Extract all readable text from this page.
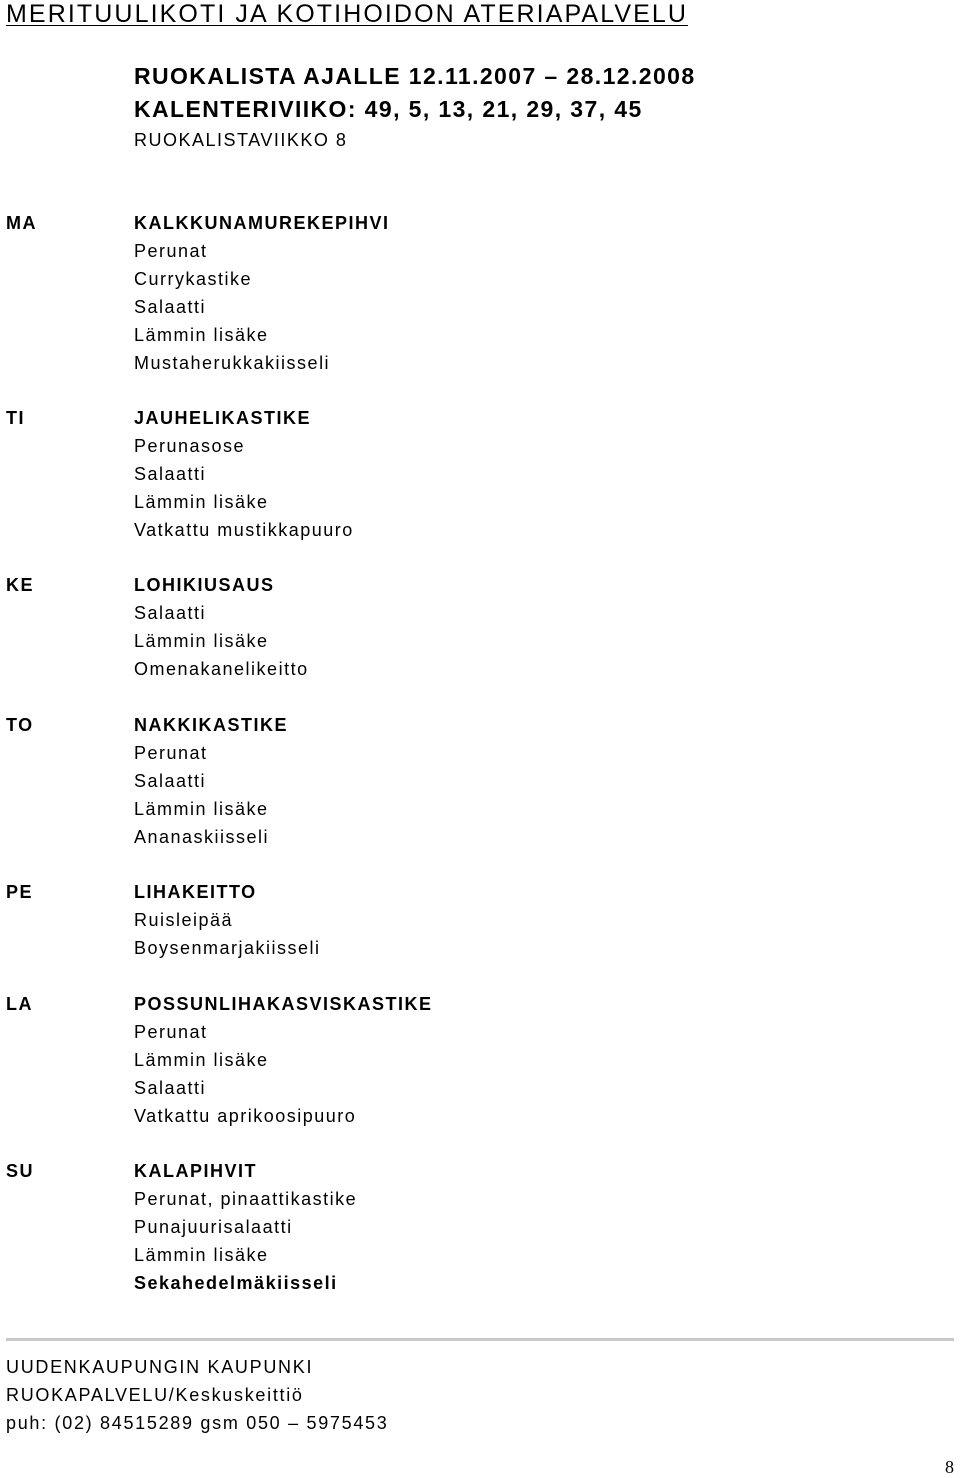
MERITUULIKOTI JA KOTIHOIDON ATERIAPALVELU
RUOKALISTA AJALLE 12.11.2007 – 28.12.2008
KALENTERIVIIKO: 49, 5, 13, 21, 29, 37, 45
RUOKALISTAVIIKKO 8
MA	KALKKUNAMUREKEPIHVI
Perunat
Currykastike
Salaatti
Lämmin lisäke
Mustaherukkakiisseli
TI	JAUHELIKASTIKE
Perunasose
Salaatti
Lämmin lisäke
Vatkattu mustikkapuuro
KE	LOHIKIUSAUS
Salaatti
Lämmin lisäke
Omenakanelikeitto
TO	NAKKIKASTIKE
Perunat
Salaatti
Lämmin lisäke
Ananaskiisseli
PE	LIHAKEITTO
Ruisleipää
Boysenmarjakiisseli
LA	POSSUNLIHAKASVISKASTIKE
Perunat
Lämmin lisäke
Salaatti
Vatkattu aprikoosipuuro
SU	KALAPIHVIT
Perunat, pinaattikastike
Punajuurisalaatti
Lämmin lisäke
Sekahedelmäkiisseli
UUDENKAUPUNGIN KAUPUNKI
RUOKAPALVELU/Keskuskeittiö
puh: (02) 84515289 gsm 050 – 5975453
8
